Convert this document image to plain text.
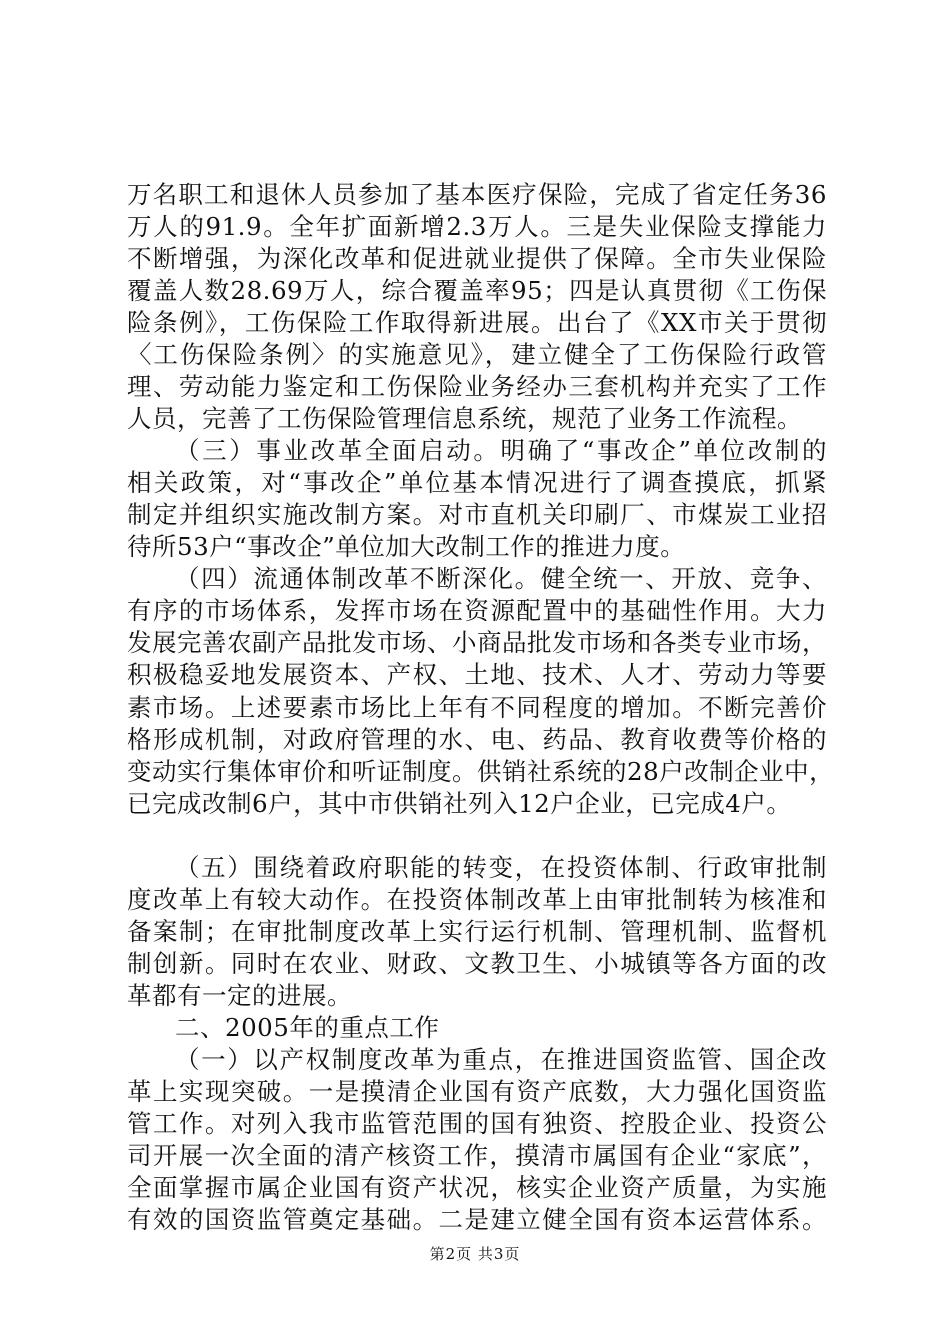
万名职工和退休人员参加了基本医疗保险，完成了省定任务36
万人的91.9。全年扩面新增2.3万人。三是失业保险支撑能力
不断增强，为深化改革和促进就业提供了保障。全市失业保险
覆盖人数28.69万人，综合覆盖率95；四是认真贯彻《工伤保
险条例》，工伤保险工作取得新进展。出台了《XX市关于贯彻
〈工伤保险条例〉的实施意见》，建立健全了工伤保险行政管
理、劳动能力鉴定和工伤保险业务经办三套机构并充实了工作
人员，完善了工伤保险管理信息系统，规范了业务工作流程。
（三）事业改革全面启动。明确了“事改企”单位改制的
相关政策，对“事改企”单位基本情况进行了调查摸底，抓紧
制定并组织实施改制方案。对市直机关印刷厂、市煤炭工业招
待所53户“事改企”单位加大改制工作的推进力度。
（四）流通体制改革不断深化。健全统一、开放、竞争、
有序的市场体系，发挥市场在资源配置中的基础性作用。大力
发展完善农副产品批发市场、小商品批发市场和各类专业市场，
积极稳妥地发展资本、产权、土地、技术、人才、劳动力等要
素市场。上述要素市场比上年有不同程度的增加。不断完善价
格形成机制，对政府管理的水、电、药品、教育收费等价格的
变动实行集体审价和听证制度。供销社系统的28户改制企业中，
已完成改制6户，其中市供销社列入12户企业，已完成4户。
（五）围绕着政府职能的转变，在投资体制、行政审批制
度改革上有较大动作。在投资体制改革上由审批制转为核准和
备案制；在审批制度改革上实行运行机制、管理机制、监督机
制创新。同时在农业、财政、文教卫生、小城镇等各方面的改
革都有一定的进展。
二、2005年的重点工作
（一）以产权制度改革为重点，在推进国资监管、国企改
革上实现突破。一是摸清企业国有资产底数，大力强化国资监
管工作。对列入我市监管范围的国有独资、控股企业、投资公
司开展一次全面的清产核资工作，摸清市属国有企业“家底”，
全面掌握市属企业国有资产状况，核实企业资产质量，为实施
有效的国资监管奠定基础。二是建立健全国有资本运营体系。
第2页 共3页
